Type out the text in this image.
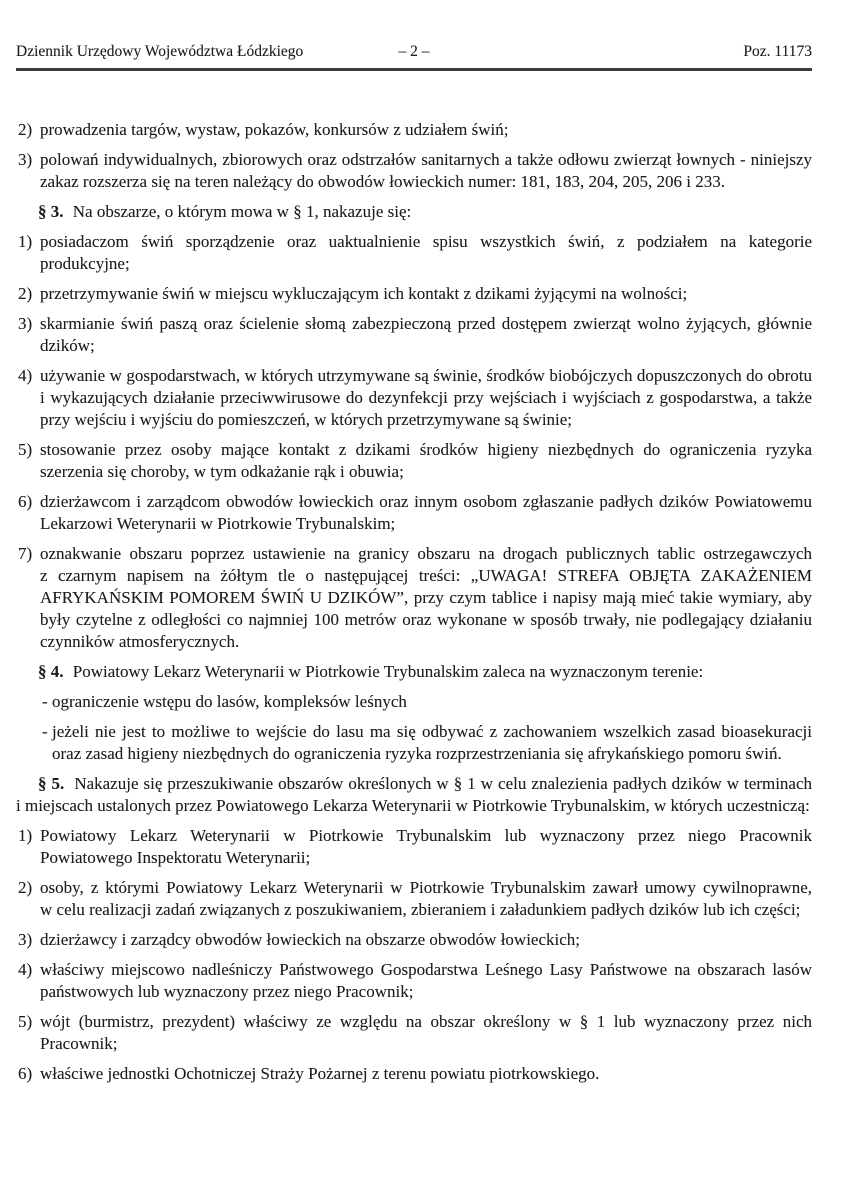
Dziennik Urzędowy Województwa Łódzkiego	– 2 –	Poz. 11173

2) prowadzenia targów, wystaw, pokazów, konkursów z udziałem świń;

3) polowań indywidualnych, zbiorowych oraz odstrzałów sanitarnych a także odłowu zwierząt łownych - niniejszy zakaz rozszerza się na teren należący do obwodów łowieckich numer: 181, 183, 204, 205, 206 i 233.

§ 3. Na obszarze, o którym mowa w § 1, nakazuje się:

1) posiadaczom świń sporządzenie oraz uaktualnienie spisu wszystkich świń, z podziałem na kategorie produkcyjne;

2) przetrzymywanie świń w miejscu wykluczającym ich kontakt z dzikami żyjącymi na wolności;

3) skarmianie świń paszą oraz ścielenie słomą zabezpieczoną przed dostępem zwierząt wolno żyjących, głównie dzików;

4) używanie w gospodarstwach, w których utrzymywane są świnie, środków biobójczych dopuszczonych do obrotu i wykazujących działanie przeciwwirusowe do dezynfekcji przy wejściach i wyjściach z gospodarstwa, a także przy wejściu i wyjściu do pomieszczeń, w których przetrzymywane są świnie;

5) stosowanie przez osoby mające kontakt z dzikami środków higieny niezbędnych do ograniczenia ryzyka szerzenia się choroby, w tym odkażanie rąk i obuwia;

6) dzierżawcom i zarządcom obwodów łowieckich oraz innym osobom zgłaszanie padłych dzików Powiatowemu Lekarzowi Weterynarii w Piotrkowie Trybunalskim;

7) oznakwanie obszaru poprzez ustawienie na granicy obszaru na drogach publicznych tablic ostrzegawczych z czarnym napisem na żółtym tle o następującej treści: „UWAGA! STREFA OBJĘTA ZAKAŻENIEM AFRYKAŃSKIM POMOREM ŚWIŃ U DZIKÓW”, przy czym tablice i napisy mają mieć takie wymiary, aby były czytelne z odległości co najmniej 100 metrów oraz wykonane w sposób trwały, nie podlegający działaniu czynników atmosferycznych.

§ 4. Powiatowy Lekarz Weterynarii w Piotrkowie Trybunalskim zaleca na wyznaczonym terenie:

- ograniczenie wstępu do lasów, kompleksów leśnych

- jeżeli nie jest to możliwe to wejście do lasu ma się odbywać z zachowaniem wszelkich zasad bioasekuracji oraz zasad higieny niezbędnych do ograniczenia ryzyka rozprzestrzeniania się afrykańskiego pomoru świń.

§ 5. Nakazuje się przeszukiwanie obszarów określonych w § 1 w celu znalezienia padłych dzików w terminach i miejscach ustalonych przez Powiatowego Lekarza Weterynarii w Piotrkowie Trybunalskim, w których uczestniczą:

1) Powiatowy Lekarz Weterynarii w Piotrkowie Trybunalskim lub wyznaczony przez niego Pracownik Powiatowego Inspektoratu Weterynarii;

2) osoby, z którymi Powiatowy Lekarz Weterynarii w Piotrkowie Trybunalskim zawarł umowy cywilnoprawne, w celu realizacji zadań związanych z poszukiwaniem, zbieraniem i załadunkiem padłych dzików lub ich części;

3) dzierżawcy i zarządcy obwodów łowieckich na obszarze obwodów łowieckich;

4) właściwy miejscowo nadleśniczy Państwowego Gospodarstwa Leśnego Lasy Państwowe na obszarach lasów państwowych lub wyznaczony przez niego Pracownik;

5) wójt (burmistrz, prezydent) właściwy ze względu na obszar określony w § 1 lub wyznaczony przez nich Pracownik;

6) właściwe jednostki Ochotniczej Straży Pożarnej z terenu powiatu piotrkowskiego.
